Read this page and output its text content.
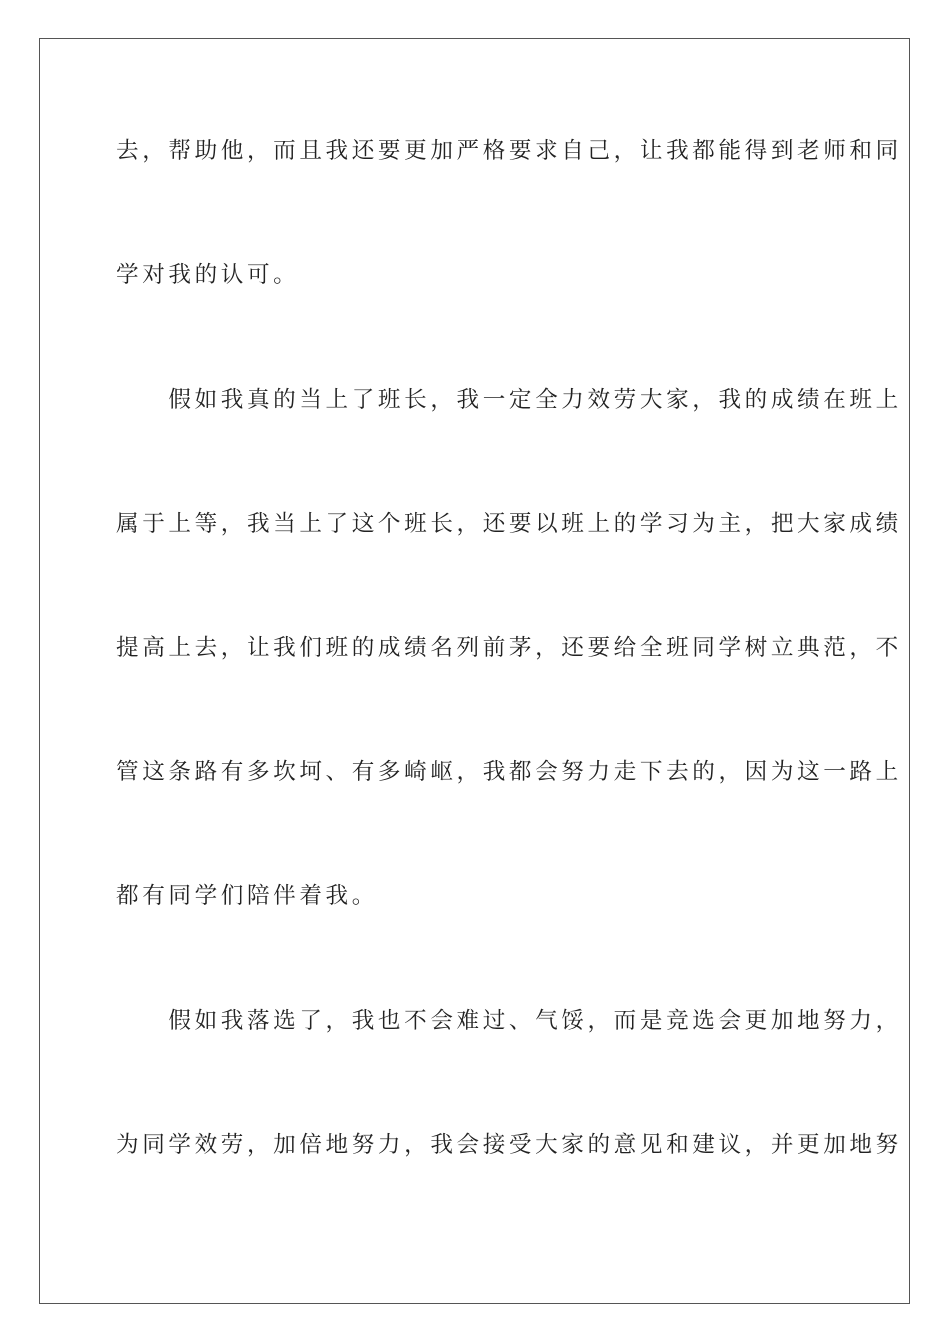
去，帮助他，而且我还要更加严格要求自己，让我都能得到老师和同
学对我的认可。
　　假如我真的当上了班长，我一定全力效劳大家，我的成绩在班上
属于上等，我当上了这个班长，还要以班上的学习为主，把大家成绩
提高上去，让我们班的成绩名列前茅，还要给全班同学树立典范，不
管这条路有多坎坷、有多崎岖，我都会努力走下去的，因为这一路上
都有同学们陪伴着我。
　　假如我落选了，我也不会难过、气馁，而是竞选会更加地努力，
为同学效劳，加倍地努力，我会接受大家的意见和建议，并更加地努
